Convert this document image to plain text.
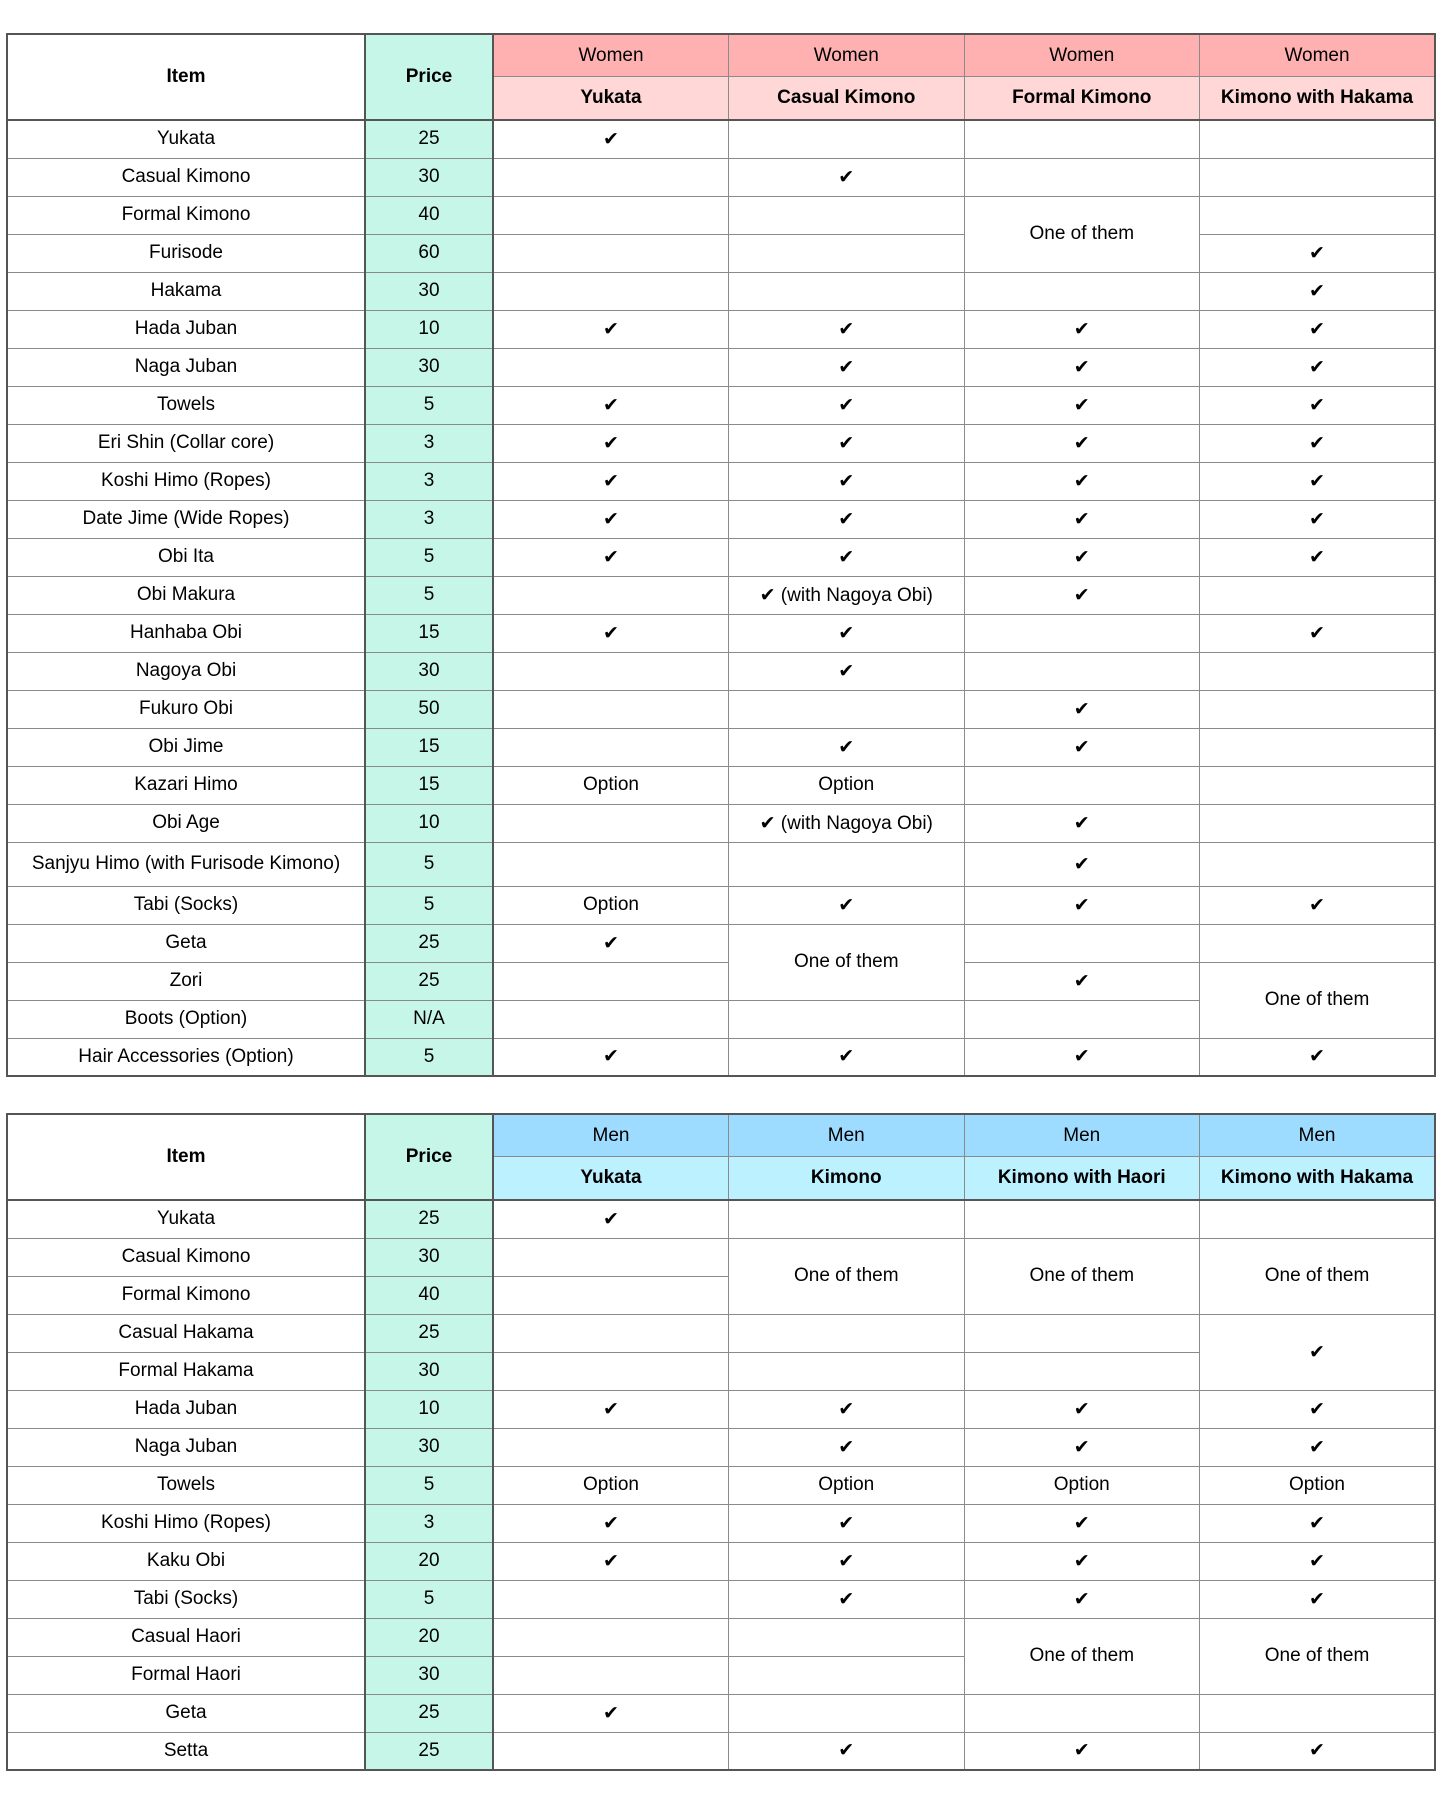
Item	Price	Women	Women	Women	Women
		Yukata	Casual Kimono	Formal Kimono	Kimono with Hakama
Yukata	25	✔			
Casual Kimono	30		✔		
Formal Kimono	40			One of them	
Furisode	60				✔
Hakama	30				✔
Hada Juban	10	✔	✔	✔	✔
Naga Juban	30		✔	✔	✔
Towels	5	✔	✔	✔	✔
Eri Shin (Collar core)	3	✔	✔	✔	✔
Koshi Himo (Ropes)	3	✔	✔	✔	✔
Date Jime (Wide Ropes)	3	✔	✔	✔	✔
Obi Ita	5	✔	✔	✔	✔
Obi Makura	5		✔ (with Nagoya Obi)	✔	
Hanhaba Obi	15	✔	✔		✔
Nagoya Obi	30		✔		
Fukuro Obi	50			✔	
Obi Jime	15		✔	✔	
Kazari Himo	15	Option	Option		
Obi Age	10		✔ (with Nagoya Obi)	✔	
Sanjyu Himo (with Furisode Kimono)	5			✔	
Tabi (Socks)	5	Option	✔	✔	✔
Geta	25	✔	One of them		
Zori	25			✔	One of them
Boots (Option)	N/A				
Hair Accessories (Option)	5	✔	✔	✔	✔
Item	Price	Men	Men	Men	Men
		Yukata	Kimono	Kimono with Haori	Kimono with Hakama
Yukata	25	✔			
Casual Kimono	30		One of them	One of them	One of them
Formal Kimono	40				
Casual Hakama	25				✔
Formal Hakama	30				
Hada Juban	10	✔	✔	✔	✔
Naga Juban	30		✔	✔	✔
Towels	5	Option	Option	Option	Option
Koshi Himo (Ropes)	3	✔	✔	✔	✔
Kaku Obi	20	✔	✔	✔	✔
Tabi (Socks)	5		✔	✔	✔
Casual Haori	20			One of them	One of them
Formal Haori	30				
Geta	25	✔			
Setta	25		✔	✔	✔
